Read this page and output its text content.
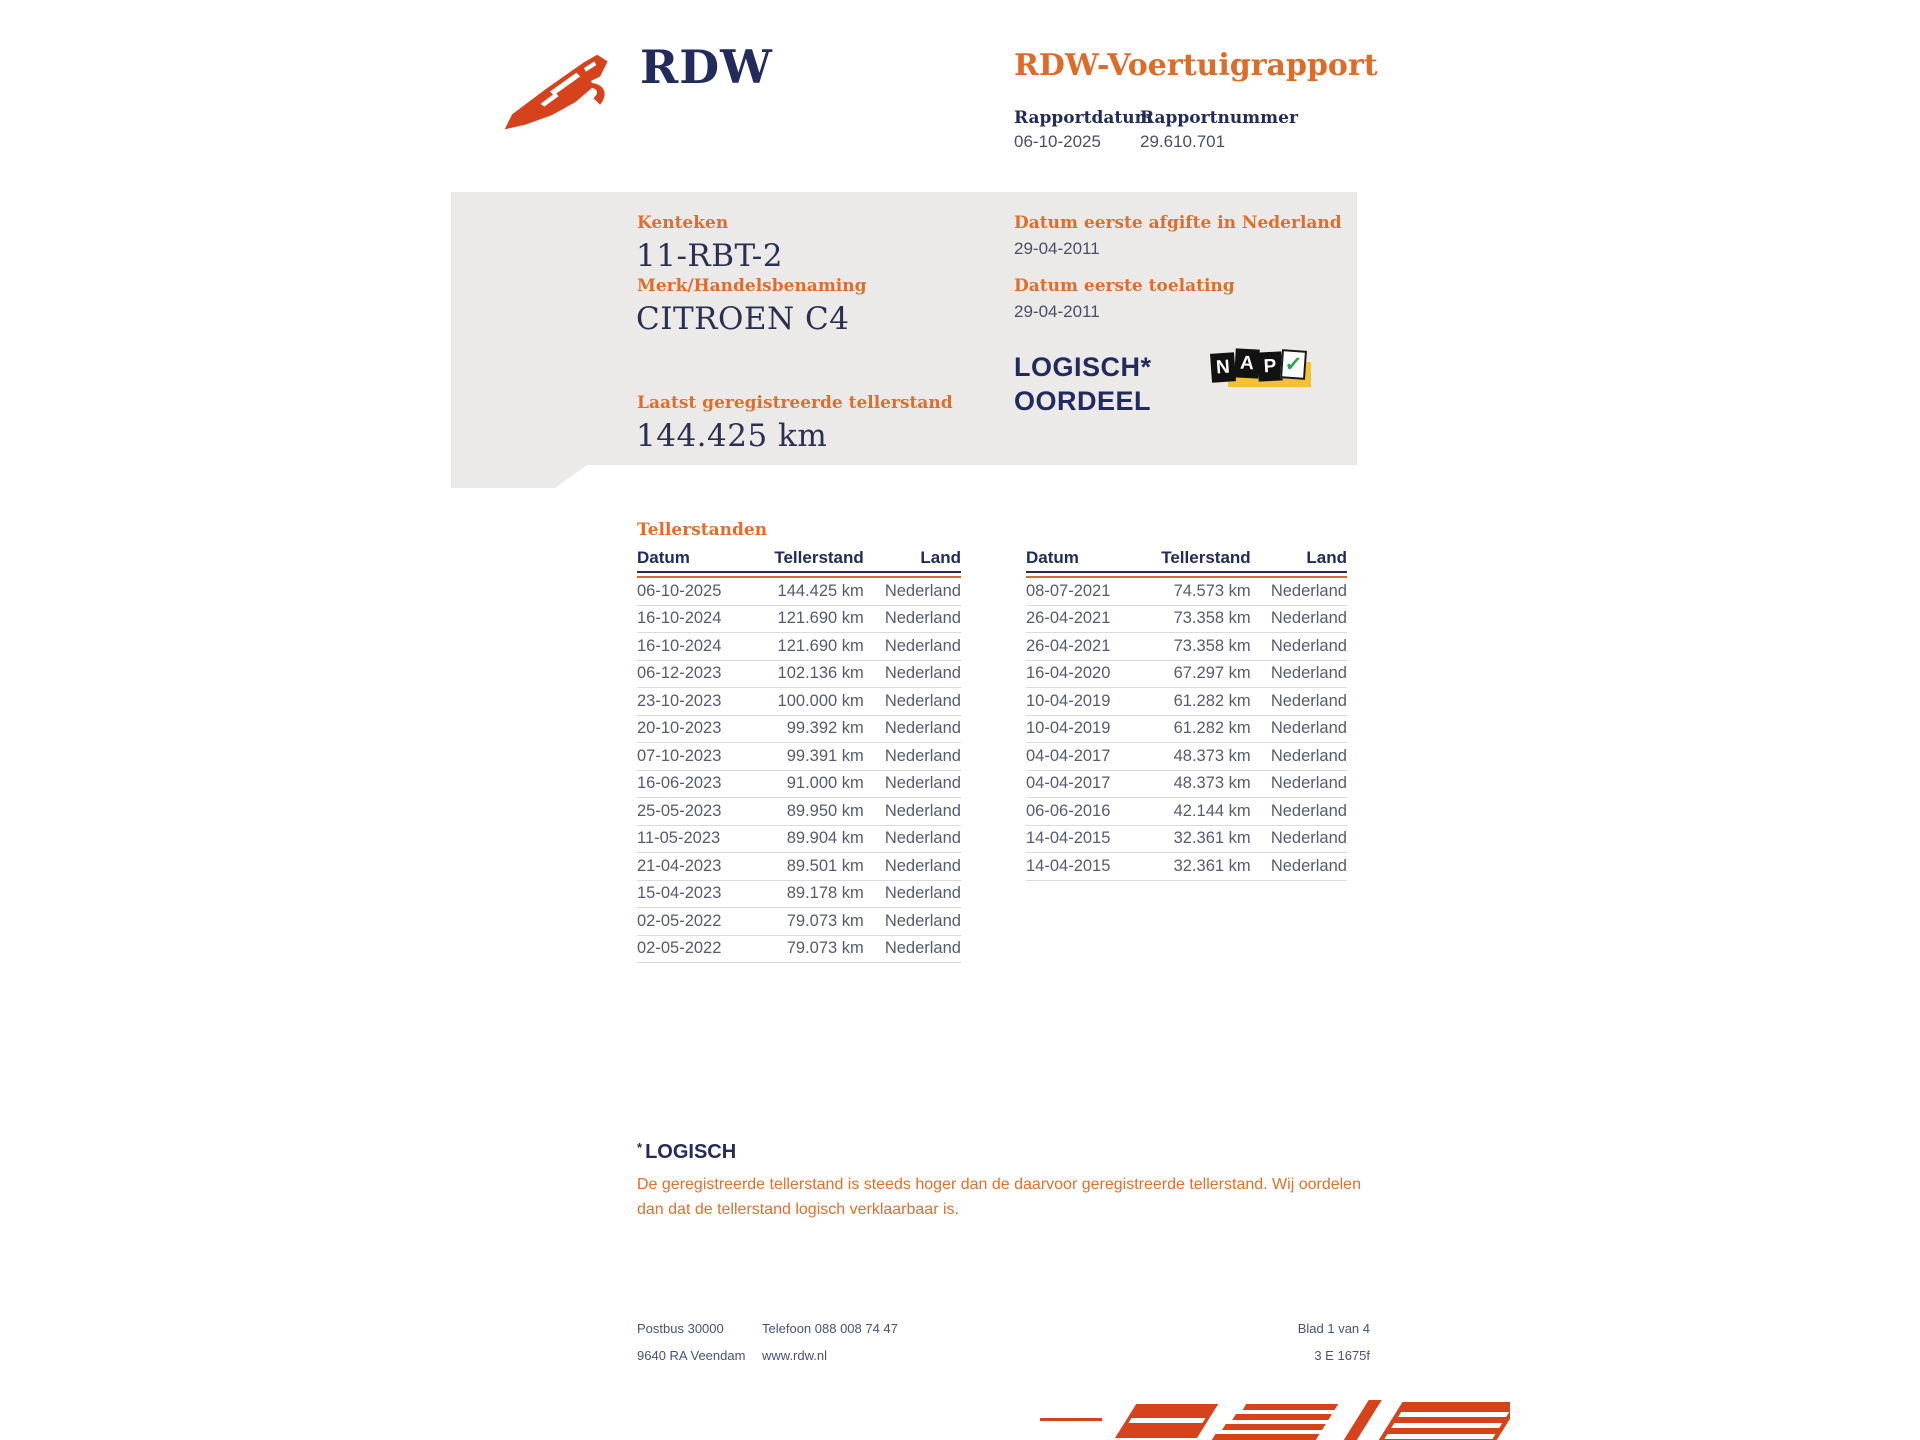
RDW	RDW-Voertuigrapport
Rapportdatum
06-10-2025
Rapportnummer
29.610.701
Kenteken
11-RBT-2
Merk/Handelsbenaming
CITROEN C4
Laatst geregistreerde tellerstand
144.425 km
Datum eerste afgifte in Nederland
29-04-2011
Datum eerste toelating
29-04-2011
LOGISCH*
OORDEEL
N A P ✓
Tellerstanden
Datum	Tellerstand	Land
06-10-2025	144.425 km	Nederland
16-10-2024	121.690 km	Nederland
16-10-2024	121.690 km	Nederland
06-12-2023	102.136 km	Nederland
23-10-2023	100.000 km	Nederland
20-10-2023	99.392 km	Nederland
07-10-2023	99.391 km	Nederland
16-06-2023	91.000 km	Nederland
25-05-2023	89.950 km	Nederland
11-05-2023	89.904 km	Nederland
21-04-2023	89.501 km	Nederland
15-04-2023	89.178 km	Nederland
02-05-2022	79.073 km	Nederland
02-05-2022	79.073 km	Nederland
Datum	Tellerstand	Land
08-07-2021	74.573 km	Nederland
26-04-2021	73.358 km	Nederland
26-04-2021	73.358 km	Nederland
16-04-2020	67.297 km	Nederland
10-04-2019	61.282 km	Nederland
10-04-2019	61.282 km	Nederland
04-04-2017	48.373 km	Nederland
04-04-2017	48.373 km	Nederland
06-06-2016	42.144 km	Nederland
14-04-2015	32.361 km	Nederland
14-04-2015	32.361 km	Nederland
* LOGISCH

De geregistreerde tellerstand is steeds hoger dan de daarvoor geregistreerde tellerstand. Wij oordelen dan dat de tellerstand logisch verklaarbaar is.

Postbus 30000
9640 RA Veendam
Telefoon 088 008 74 47
www.rdw.nl
Blad 1 van 4
3 E 1675f
